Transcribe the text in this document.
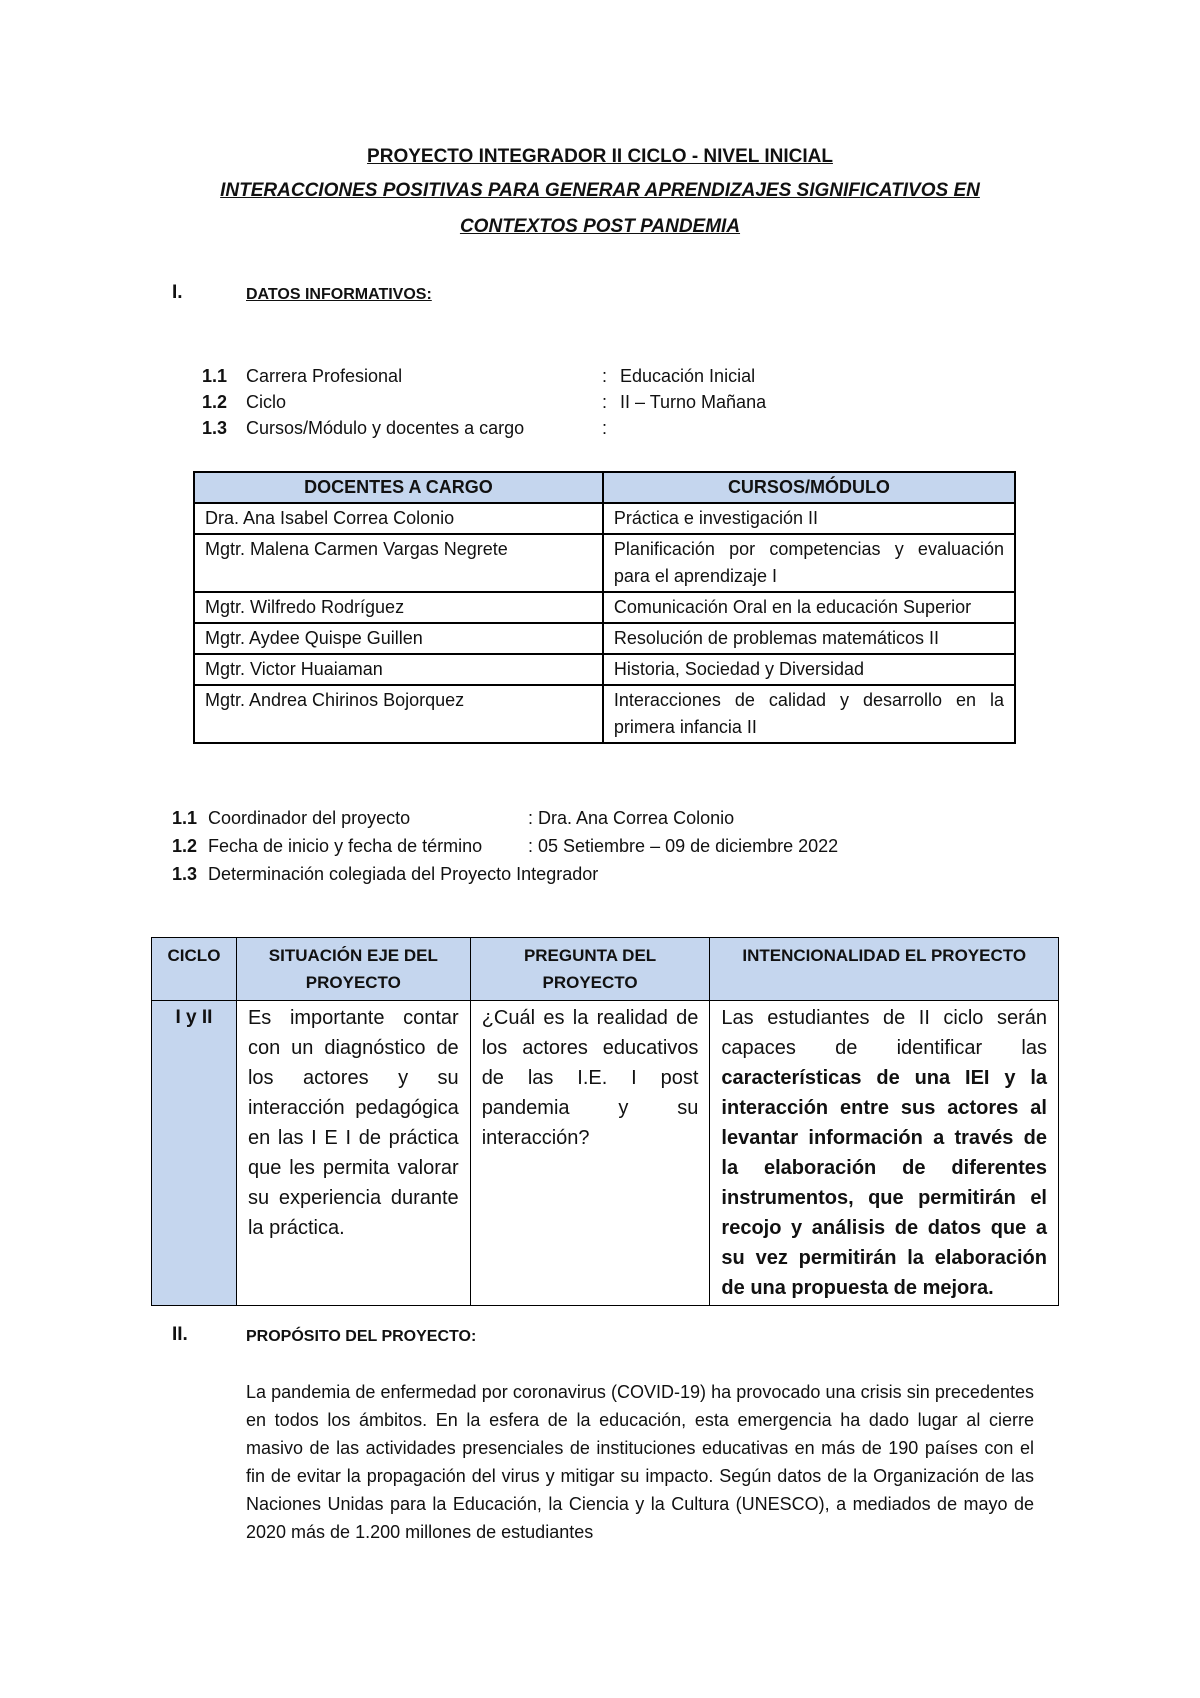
PROYECTO INTEGRADOR II CICLO - NIVEL INICIAL
INTERACCIONES POSITIVAS PARA GENERAR APRENDIZAJES SIGNIFICATIVOS EN
CONTEXTOS POST PANDEMIA
I.	DATOS INFORMATIVOS:
1.1 Carrera Profesional	: Educación Inicial
1.2 Ciclo	: II – Turno Mañana
1.3 Cursos/Módulo y docentes a cargo	:
DOCENTES A CARGO	CURSOS/MÓDULO
Dra. Ana Isabel Correa Colonio	Práctica e investigación II
Mgtr. Malena Carmen Vargas Negrete	Planificación por competencias y evaluación para el aprendizaje I
Mgtr. Wilfredo Rodríguez	Comunicación Oral en la educación Superior
Mgtr. Aydee Quispe Guillen	Resolución de problemas matemáticos II
Mgtr. Victor Huaiaman	Historia, Sociedad y Diversidad
Mgtr. Andrea Chirinos Bojorquez	Interacciones de calidad y desarrollo en la primera infancia II
1.1 Coordinador del proyecto	: Dra. Ana Correa Colonio
1.2 Fecha de inicio y fecha de término	: 05 Setiembre – 09 de diciembre 2022
1.3 Determinación colegiada del Proyecto Integrador
CICLO	SITUACIÓN EJE DEL PROYECTO	PREGUNTA DEL PROYECTO	INTENCIONALIDAD EL PROYECTO
I y II	Es importante contar con un diagnóstico de los actores y su interacción pedagógica en las I E I de práctica que les permita valorar su experiencia durante la práctica.	¿Cuál es la realidad de los actores educativos de las I.E. I post pandemia y su interacción?	Las estudiantes de II ciclo serán capaces de identificar las características de una IEI y la interacción entre sus actores al levantar información a través de la elaboración de diferentes instrumentos, que permitirán el recojo y análisis de datos que a su vez permitirán la elaboración de una propuesta de mejora.
II.	PROPÓSITO DEL PROYECTO:
La pandemia de enfermedad por coronavirus (COVID-19) ha provocado una crisis sin precedentes en todos los ámbitos. En la esfera de la educación, esta emergencia ha dado lugar al cierre masivo de las actividades presenciales de instituciones educativas en más de 190 países con el fin de evitar la propagación del virus y mitigar su impacto. Según datos de la Organización de las Naciones Unidas para la Educación, la Ciencia y la Cultura (UNESCO), a mediados de mayo de 2020 más de 1.200 millones de estudiantes
